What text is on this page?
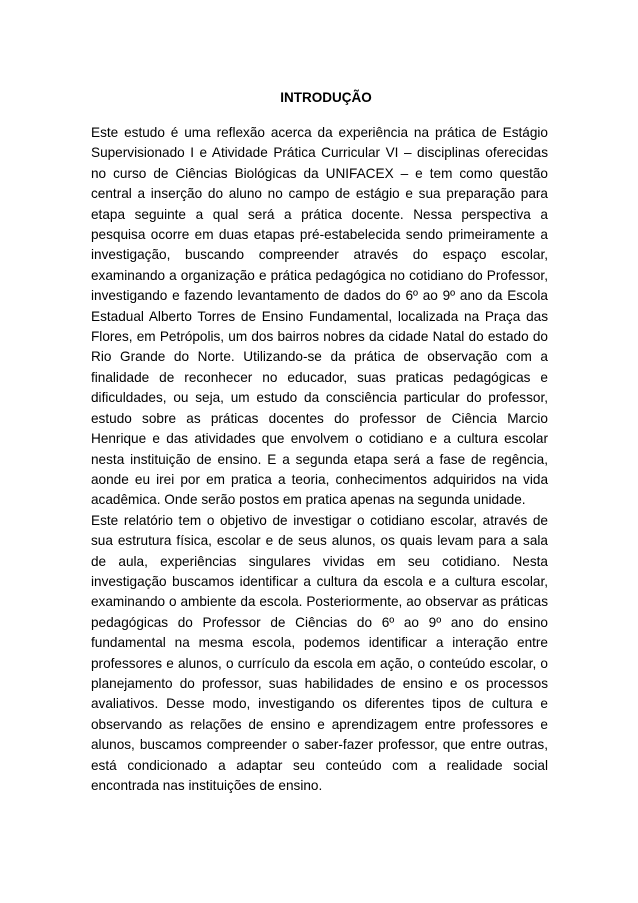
INTRODUÇÃO

Este estudo é uma reflexão acerca da experiência na prática de Estágio Supervisionado I e Atividade Prática Curricular VI – disciplinas oferecidas no curso de Ciências Biológicas da UNIFACEX – e tem como questão central a inserção do aluno no campo de estágio e sua preparação para etapa seguinte a qual será a prática docente. Nessa perspectiva a pesquisa ocorre em duas etapas pré-estabelecida sendo primeiramente a investigação, buscando compreender através do espaço escolar, examinando a organização e prática pedagógica no cotidiano do Professor, investigando e fazendo levantamento de dados do 6º ao 9º ano da Escola Estadual Alberto Torres de Ensino Fundamental, localizada na Praça das Flores, em Petrópolis, um dos bairros nobres da cidade Natal do estado do Rio Grande do Norte. Utilizando-se da prática de observação com a finalidade de reconhecer no educador, suas praticas pedagógicas e dificuldades, ou seja, um estudo da consciência particular do professor, estudo sobre as práticas docentes do professor de Ciência Marcio Henrique e das atividades que envolvem o cotidiano e a cultura escolar nesta instituição de ensino. E a segunda etapa será a fase de regência, aonde eu irei por em pratica a teoria, conhecimentos adquiridos na vida acadêmica. Onde serão postos em pratica apenas na segunda unidade.

Este relatório tem o objetivo de investigar o cotidiano escolar, através de sua estrutura física, escolar e de seus alunos, os quais levam para a sala de aula, experiências singulares vividas em seu cotidiano. Nesta investigação buscamos identificar a cultura da escola e a cultura escolar, examinando o ambiente da escola. Posteriormente, ao observar as práticas pedagógicas do Professor de Ciências do 6º ao 9º ano do ensino fundamental na mesma escola, podemos identificar a interação entre professores e alunos, o currículo da escola em ação, o conteúdo escolar, o planejamento do professor, suas habilidades de ensino e os processos avaliativos. Desse modo, investigando os diferentes tipos de cultura e observando as relações de ensino e aprendizagem entre professores e alunos, buscamos compreender o saber-fazer professor, que entre outras, está condicionado a adaptar seu conteúdo com a realidade social encontrada nas instituições de ensino.
